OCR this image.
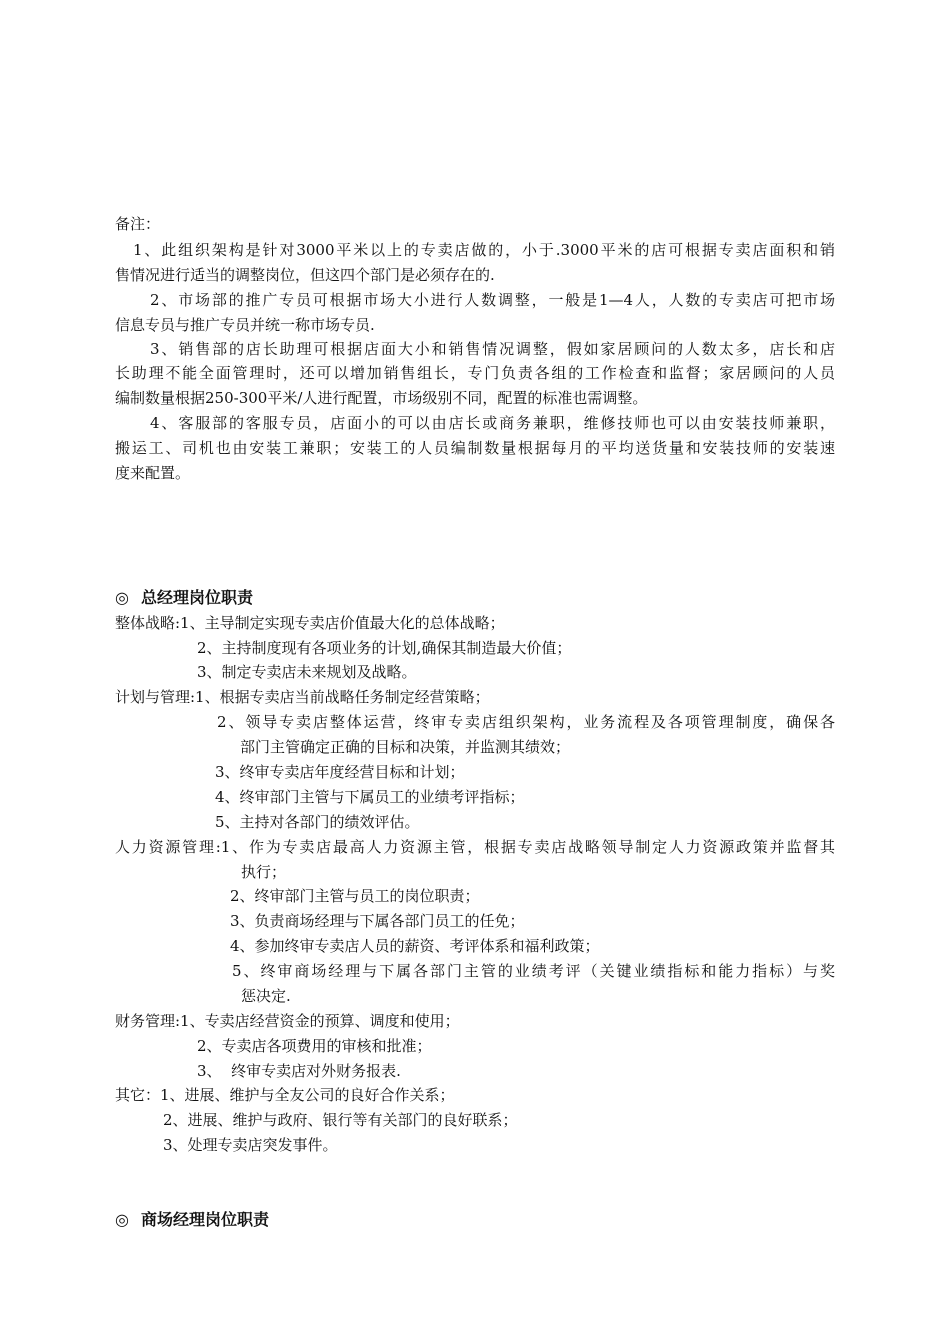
备注：
1、此组织架构是针对3000平米以上的专卖店做的，小于.3000平米的店可根据专卖店面积和销
售情况进行适当的调整岗位，但这四个部门是必须存在的.
2、市场部的推广专员可根据市场大小进行人数调整，一般是1—4人，人数的专卖店可把市场
信息专员与推广专员并统一称市场专员.
3、销售部的店长助理可根据店面大小和销售情况调整，假如家居顾问的人数太多，店长和店
长助理不能全面管理时，还可以增加销售组长，专门负责各组的工作检查和监督；家居顾问的人员
编制数量根据250-300平米/人进行配置，市场级别不同，配置的标准也需调整。
4、客服部的客服专员，店面小的可以由店长或商务兼职，维修技师也可以由安装技师兼职，
搬运工、司机也由安装工兼职；安装工的人员编制数量根据每月的平均送货量和安装技师的安装速
度来配置。
◎ 总经理岗位职责
整体战略:1、主导制定实现专卖店价值最大化的总体战略；
2、主持制度现有各项业务的计划,确保其制造最大价值；
3、制定专卖店未来规划及战略。
计划与管理:1、根据专卖店当前战略任务制定经营策略；
2、领导专卖店整体运营，终审专卖店组织架构，业务流程及各项管理制度，确保各
部门主管确定正确的目标和决策，并监测其绩效；
3、终审专卖店年度经营目标和计划；
4、终审部门主管与下属员工的业绩考评指标；
5、主持对各部门的绩效评估。
人力资源管理:1、作为专卖店最高人力资源主管，根据专卖店战略领导制定人力资源政策并监督其
执行；
2、终审部门主管与员工的岗位职责；
3、负责商场经理与下属各部门员工的任免；
4、参加终审专卖店人员的薪资、考评体系和福利政策；
5、终审商场经理与下属各部门主管的业绩考评（关键业绩指标和能力指标）与奖
惩决定.
财务管理:1、专卖店经营资金的预算、调度和使用；
2、专卖店各项费用的审核和批准；
3、  终审专卖店对外财务报表.
其它：1、进展、维护与全友公司的良好合作关系；
2、进展、维护与政府、银行等有关部门的良好联系；
3、处理专卖店突发事件。
◎ 商场经理岗位职责
